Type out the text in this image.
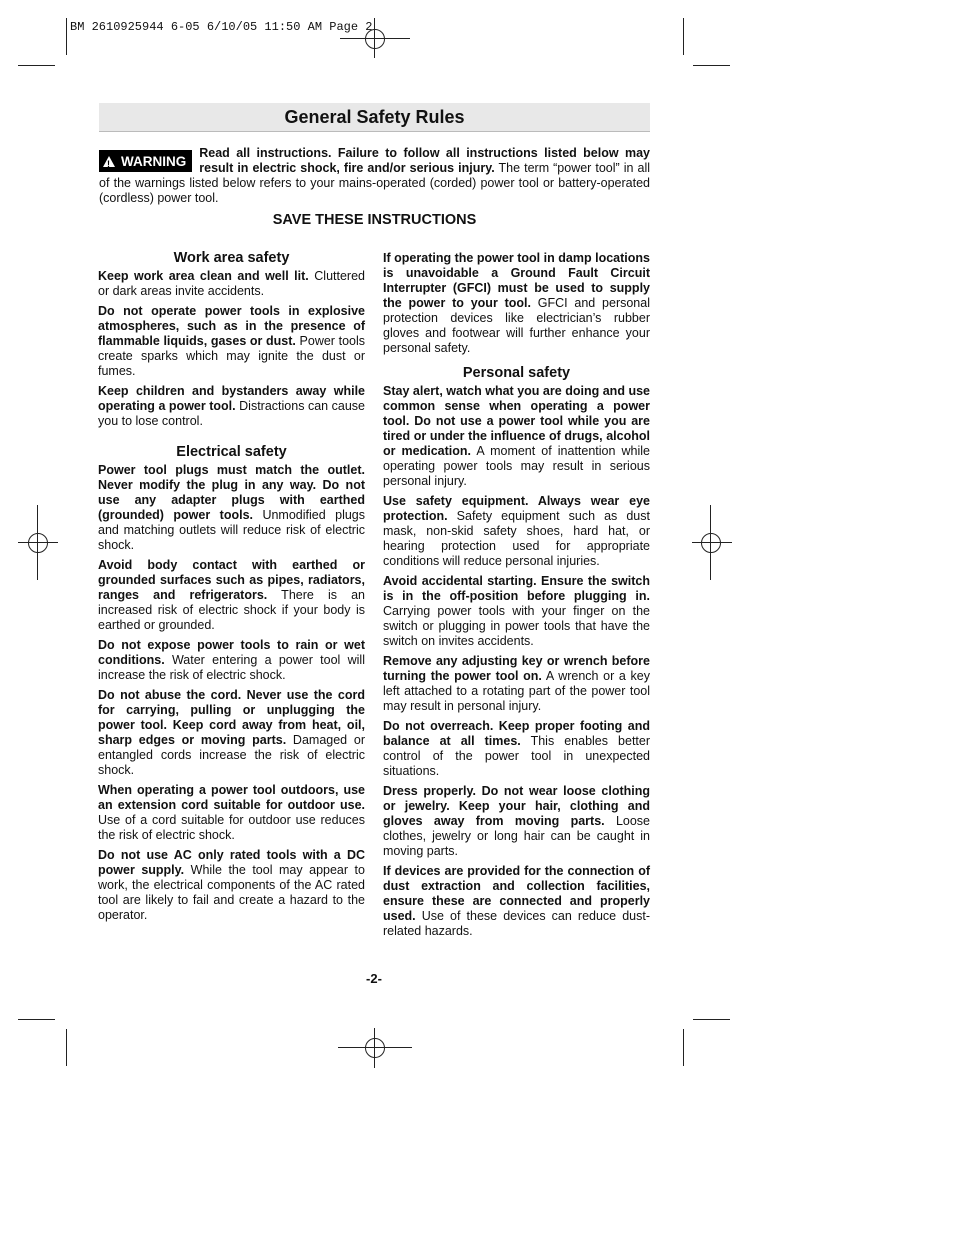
BM 2610925944 6-05 6/10/05 11:50 AM Page 2
General Safety Rules
!
WARNING
Read all instructions. Failure to follow all instructions listed below may result in electric shock, fire and/or serious injury. The term “power tool” in all of the warnings listed below refers to your mains-operated (corded) power tool or battery-operated (cordless) power tool.
SAVE THESE INSTRUCTIONS
Work area safety

Keep work area clean and well lit. Cluttered or dark areas invite accidents.

Do not operate power tools in explosive atmospheres, such as in the presence of flammable liquids, gases or dust. Power tools create sparks which may ignite the dust or fumes.

Keep children and bystanders away while operating a power tool. Distractions can cause you to lose control.

Electrical safety

Power tool plugs must match the outlet. Never modify the plug in any way. Do not use any adapter plugs with earthed (grounded) power tools. Unmodified plugs and matching outlets will reduce risk of electric shock.

Avoid body contact with earthed or grounded surfaces such as pipes, radiators, ranges and refrigerators. There is an increased risk of electric shock if your body is earthed or grounded.

Do not expose power tools to rain or wet conditions. Water entering a power tool will increase the risk of electric shock.

Do not abuse the cord. Never use the cord for carrying, pulling or unplugging the power tool. Keep cord away from heat, oil, sharp edges or moving parts. Damaged or entangled cords increase the risk of electric shock.

When operating a power tool outdoors, use an extension cord suitable for outdoor use. Use of a cord suitable for outdoor use reduces the risk of electric shock.

Do not use AC only rated tools with a DC power supply. While the tool may appear to work, the electrical components of the AC rated tool are likely to fail and create a hazard to the operator.

If operating the power tool in damp locations is unavoidable a Ground Fault Circuit Interrupter (GFCI) must be used to supply the power to your tool. GFCI and personal protection devices like electrician’s rubber gloves and footwear will further enhance your personal safety.

Personal safety

Stay alert, watch what you are doing and use common sense when operating a power tool. Do not use a power tool while you are tired or under the influence of drugs, alcohol or medication. A moment of inattention while operating power tools may result in serious personal injury.

Use safety equipment. Always wear eye protection. Safety equipment such as dust mask, non-skid safety shoes, hard hat, or hearing protection used for appropriate conditions will reduce personal injuries.

Avoid accidental starting. Ensure the switch is in the off-position before plugging in. Carrying power tools with your finger on the switch or plugging in power tools that have the switch on invites accidents.

Remove any adjusting key or wrench before turning the power tool on. A wrench or a key left attached to a rotating part of the power tool may result in personal injury.

Do not overreach. Keep proper footing and balance at all times. This enables better control of the power tool in unexpected situations.

Dress properly. Do not wear loose clothing or jewelry. Keep your hair, clothing and gloves away from moving parts. Loose clothes, jewelry or long hair can be caught in moving parts.

If devices are provided for the connection of dust extraction and collection facilities, ensure these are connected and properly used. Use of these devices can reduce dust-related hazards.

-2-
